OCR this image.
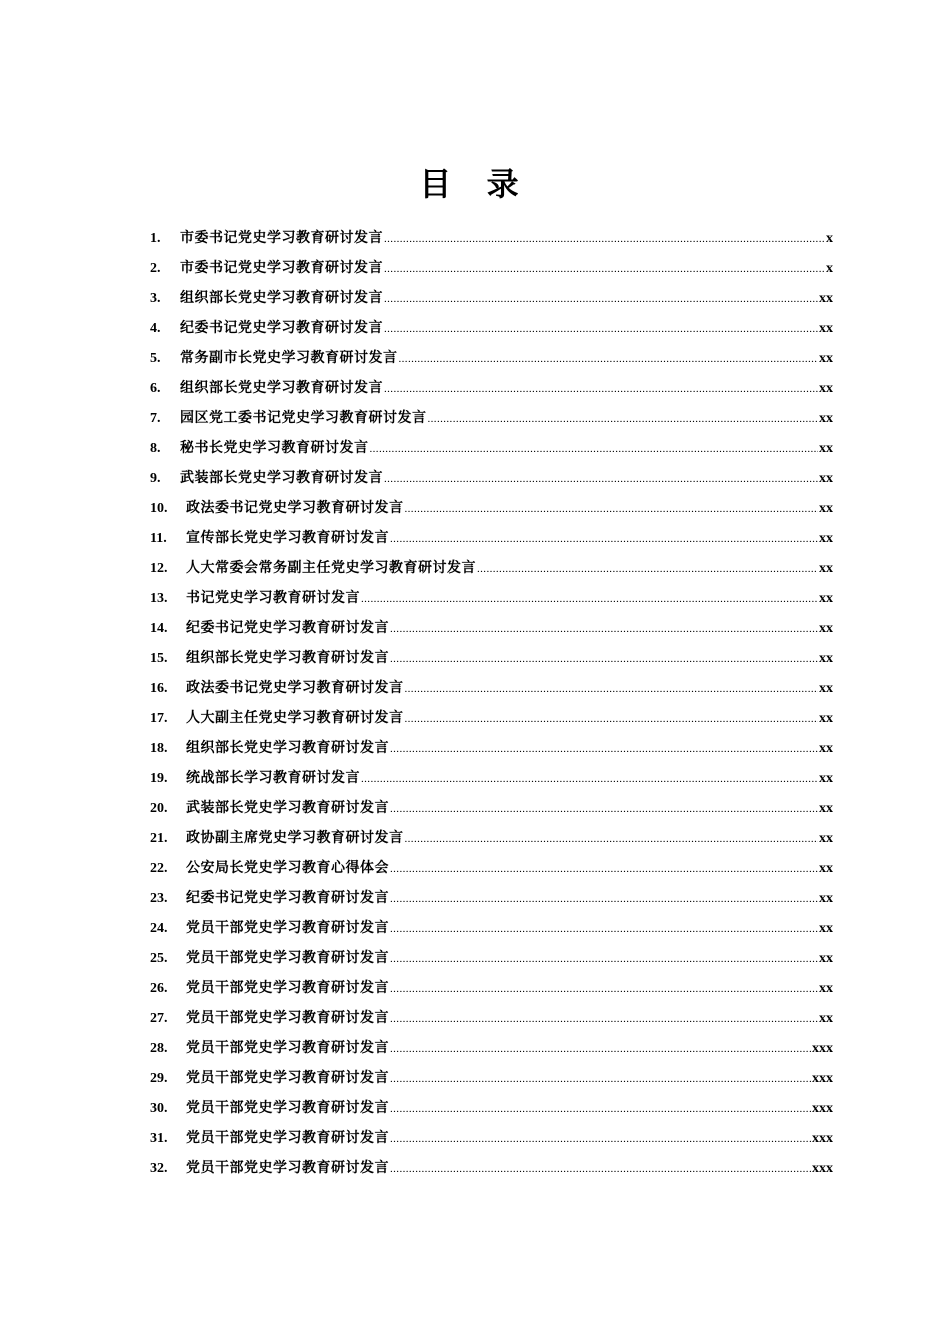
目 录
1.	市委书记党史学习教育研讨发言 .....	x
2.	市委书记党史学习教育研讨发言 .....	x
3.	组织部长党史学习教育研讨发言 .....	xx
4.	纪委书记党史学习教育研讨发言 .....	xx
5.	常务副市长党史学习教育研讨发言 .....	xx
6.	组织部长党史学习教育研讨发言 .....	xx
7.	园区党工委书记党史学习教育研讨发言 .....	xx
8.	秘书长党史学习教育研讨发言 .....	xx
9.	武装部长党史学习教育研讨发言 .....	xx
10.	政法委书记党史学习教育研讨发言 .....	xx
11.	宣传部长党史学习教育研讨发言 .....	xx
12.	人大常委会常务副主任党史学习教育研讨发言 .....	xx
13.	书记党史学习教育研讨发言 .....	xx
14.	纪委书记党史学习教育研讨发言 .....	xx
15.	组织部长党史学习教育研讨发言 .....	xx
16.	政法委书记党史学习教育研讨发言 .....	xx
17.	人大副主任党史学习教育研讨发言 .....	xx
18.	组织部长党史学习教育研讨发言 .....	xx
19.	统战部长学习教育研讨发言 .....	xx
20.	武装部长党史学习教育研讨发言 .....	xx
21.	政协副主席党史学习教育研讨发言 .....	xx
22.	公安局长党史学习教育心得体会 .....	xx
23.	纪委书记党史学习教育研讨发言 .....	xx
24.	党员干部党史学习教育研讨发言 .....	xx
25.	党员干部党史学习教育研讨发言 .....	xx
26.	党员干部党史学习教育研讨发言 .....	xx
27.	党员干部党史学习教育研讨发言 .....	xx
28.	党员干部党史学习教育研讨发言 .....	xxx
29.	党员干部党史学习教育研讨发言 .....	xxx
30.	党员干部党史学习教育研讨发言 .....	xxx
31.	党员干部党史学习教育研讨发言 .....	xxx
32.	党员干部党史学习教育研讨发言 .....	xxx
